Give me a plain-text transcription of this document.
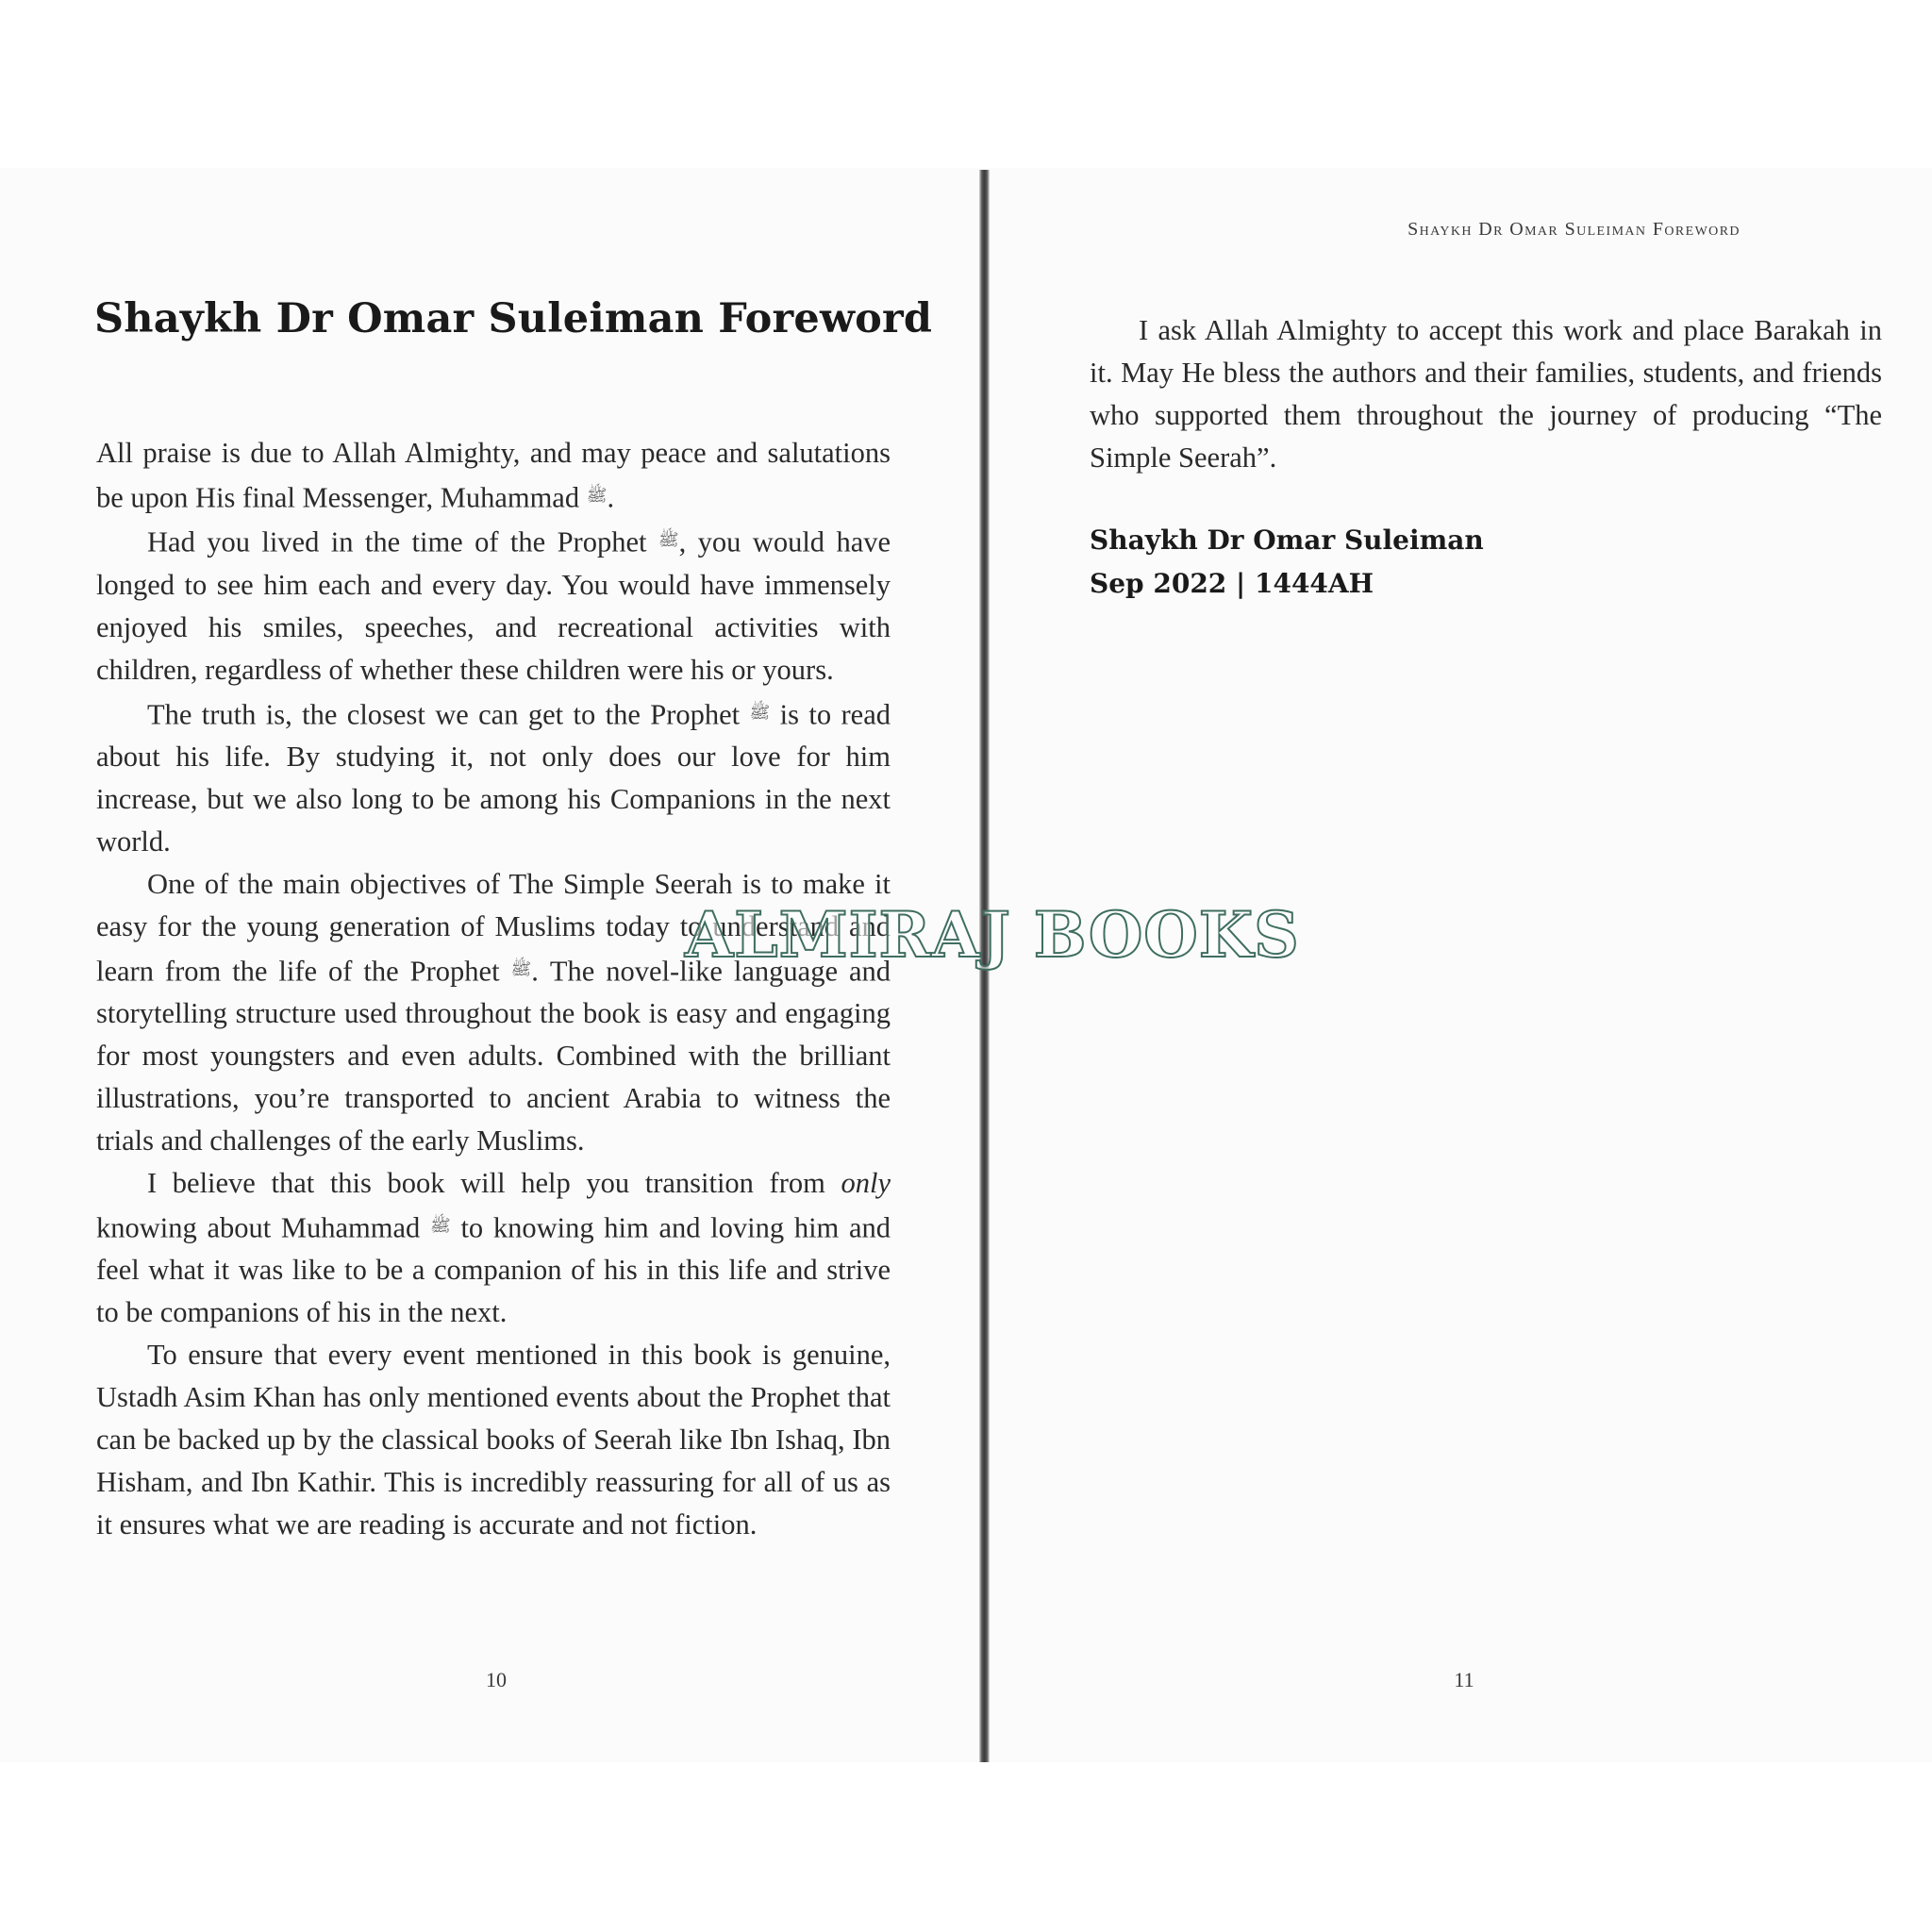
Shaykh Dr Omar Suleiman Foreword

All praise is due to Allah Almighty, and may peace and salutations be upon His final Messenger, Muhammad $^ﷺ$.

Had you lived in the time of the Prophet $^ﷺ$, you would have longed to see him each and every day. You would have immensely enjoyed his smiles, speeches, and recreational activities with children, regardless of whether these children were his or yours.

The truth is, the closest we can get to the Prophet $^ﷺ$ is to read about his life. By studying it, not only does our love for him increase, but we also long to be among his Companions in the next world.

One of the main objectives of The Simple Seerah is to make it easy for the young generation of Muslims today to understand and learn from the life of the Prophet $^ﷺ$. The novel-like language and storytelling structure used throughout the book is easy and engaging for most youngsters and even adults. Combined with the brilliant illustrations, you’re transported to ancient Arabia to witness the trials and challenges of the early Muslims.

I believe that this book will help you transition from only knowing about Muhammad $^ﷺ$ to knowing him and loving him and feel what it was like to be a companion of his in this life and strive to be companions of his in the next.

To ensure that every event mentioned in this book is genuine, Ustadh Asim Khan has only mentioned events about the Prophet that can be backed up by the classical books of Seerah like Ibn Ishaq, Ibn Hisham, and Ibn Kathir. This is incredibly reassuring for all of us as it ensures what we are reading is accurate and not fiction.

10
Shaykh Dr Omar Suleiman Foreword

I ask Allah Almighty to accept this work and place Barakah in it. May He bless the authors and their families, students, and friends who supported them throughout the journey of producing “The Simple Seerah”.

Shaykh Dr Omar Suleiman
Sep 2022 | 1444AH
11
ALMIRAJ BOOKS
